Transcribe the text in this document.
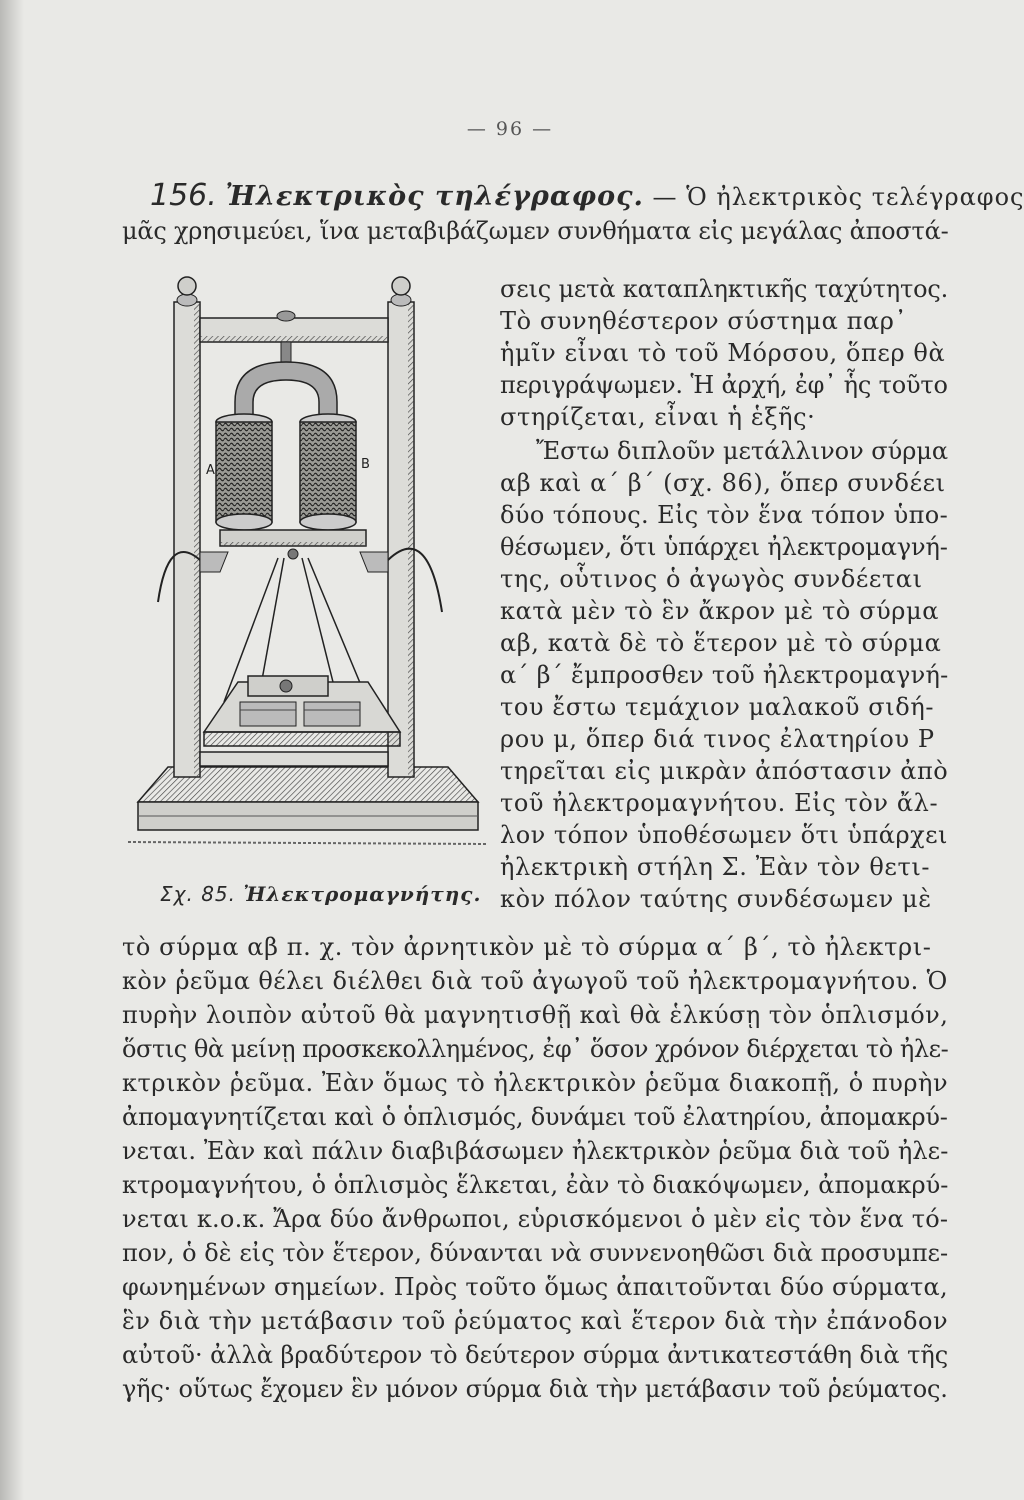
— 96 —
156. Ἠλεκτρικὸς τηλέγραφος. — Ὁ ἠλεκτρικὸς τελέγραφος
A	B
Σχ. 85. Ἠλεκτρομαγνήτης.
μᾶς χρησιμεύει, ἵνα μεταβιβάζωμεν συνθήματα εἰς μεγάλας ἀποστά-
σεις μετὰ καταπληκτικῆς ταχύτητος.
Τὸ συνηθέστερον σύστημα παρ᾿
ἡμῖν εἶναι τὸ τοῦ Μόρσου, ὅπερ θὰ
περιγράψωμεν. Ἡ ἀρχή, ἐφ᾿ ἧς τοῦτο
στηρίζεται, εἶναι ἡ ἑξῆς·
Ἔστω διπλοῦν μετάλλινον σύρμα
αβ καὶ α΄ β΄ (σχ. 86), ὅπερ συνδέει
δύο τόπους. Εἰς τὸν ἕνα τόπον ὑπο-
θέσωμεν, ὅτι ὑπάρχει ἠλεκτρομαγνή-
της, οὗτινος ὁ ἀγωγὸς συνδέεται
κατὰ μὲν τὸ ἓν ἄκρον μὲ τὸ σύρμα
αβ, κατὰ δὲ τὸ ἕτερον μὲ τὸ σύρμα
α΄ β΄ ἔμπροσθεν τοῦ ἠλεκτρομαγνή-
του ἔστω τεμάχιον μαλακοῦ σιδή-
ρου μ, ὅπερ διά τινος ἐλατηρίου Ρ
τηρεῖται εἰς μικρὰν ἀπόστασιν ἀπὸ
τοῦ ἠλεκτρομαγνήτου. Εἰς τὸν ἄλ-
λον τόπον ὑποθέσωμεν ὅτι ὑπάρχει
ἠλεκτρικὴ στήλη Σ. Ἐὰν τὸν θετι-
κὸν πόλον ταύτης συνδέσωμεν μὲ
τὸ σύρμα αβ π. χ. τὸν ἀρνητικὸν μὲ τὸ σύρμα α΄ β΄, τὸ ἠλεκτρι-
κὸν ῥεῦμα θέλει διέλθει διὰ τοῦ ἀγωγοῦ τοῦ ἠλεκτρομαγνήτου. Ὁ
πυρὴν λοιπὸν αὐτοῦ θὰ μαγνητισθῇ καὶ θὰ ἑλκύσῃ τὸν ὁπλισμόν,
ὅστις θὰ μείνῃ προσκεκολλημένος, ἐφ᾿ ὅσον χρόνον διέρχεται τὸ ἠλε-
κτρικὸν ῥεῦμα. Ἐὰν ὅμως τὸ ἠλεκτρικὸν ῥεῦμα διακοπῇ, ὁ πυρὴν
ἀπομαγνητίζεται καὶ ὁ ὁπλισμός, δυνάμει τοῦ ἐλατηρίου, ἀπομακρύ-
νεται. Ἐὰν καὶ πάλιν διαβιβάσωμεν ἠλεκτρικὸν ῥεῦμα διὰ τοῦ ἠλε-
κτρομαγνήτου, ὁ ὁπλισμὸς ἕλκεται, ἐὰν τὸ διακόψωμεν, ἀπομακρύ-
νεται κ.ο.κ. Ἄρα δύο ἄνθρωποι, εὑρισκόμενοι ὁ μὲν εἰς τὸν ἕνα τό-
πον, ὁ δὲ εἰς τὸν ἕτερον, δύνανται νὰ συννενοηθῶσι διὰ προσυμπε-
φωνημένων σημείων. Πρὸς τοῦτο ὅμως ἀπαιτοῦνται δύο σύρματα,
ἓν διὰ τὴν μετάβασιν τοῦ ῥεύματος καὶ ἕτερον διὰ τὴν ἐπάνοδον
αὐτοῦ· ἀλλὰ βραδύτερον τὸ δεύτερον σύρμα ἀντικατεστάθη διὰ τῆς
γῆς· οὕτως ἔχομεν ἓν μόνον σύρμα διὰ τὴν μετάβασιν τοῦ ῥεύματος.
